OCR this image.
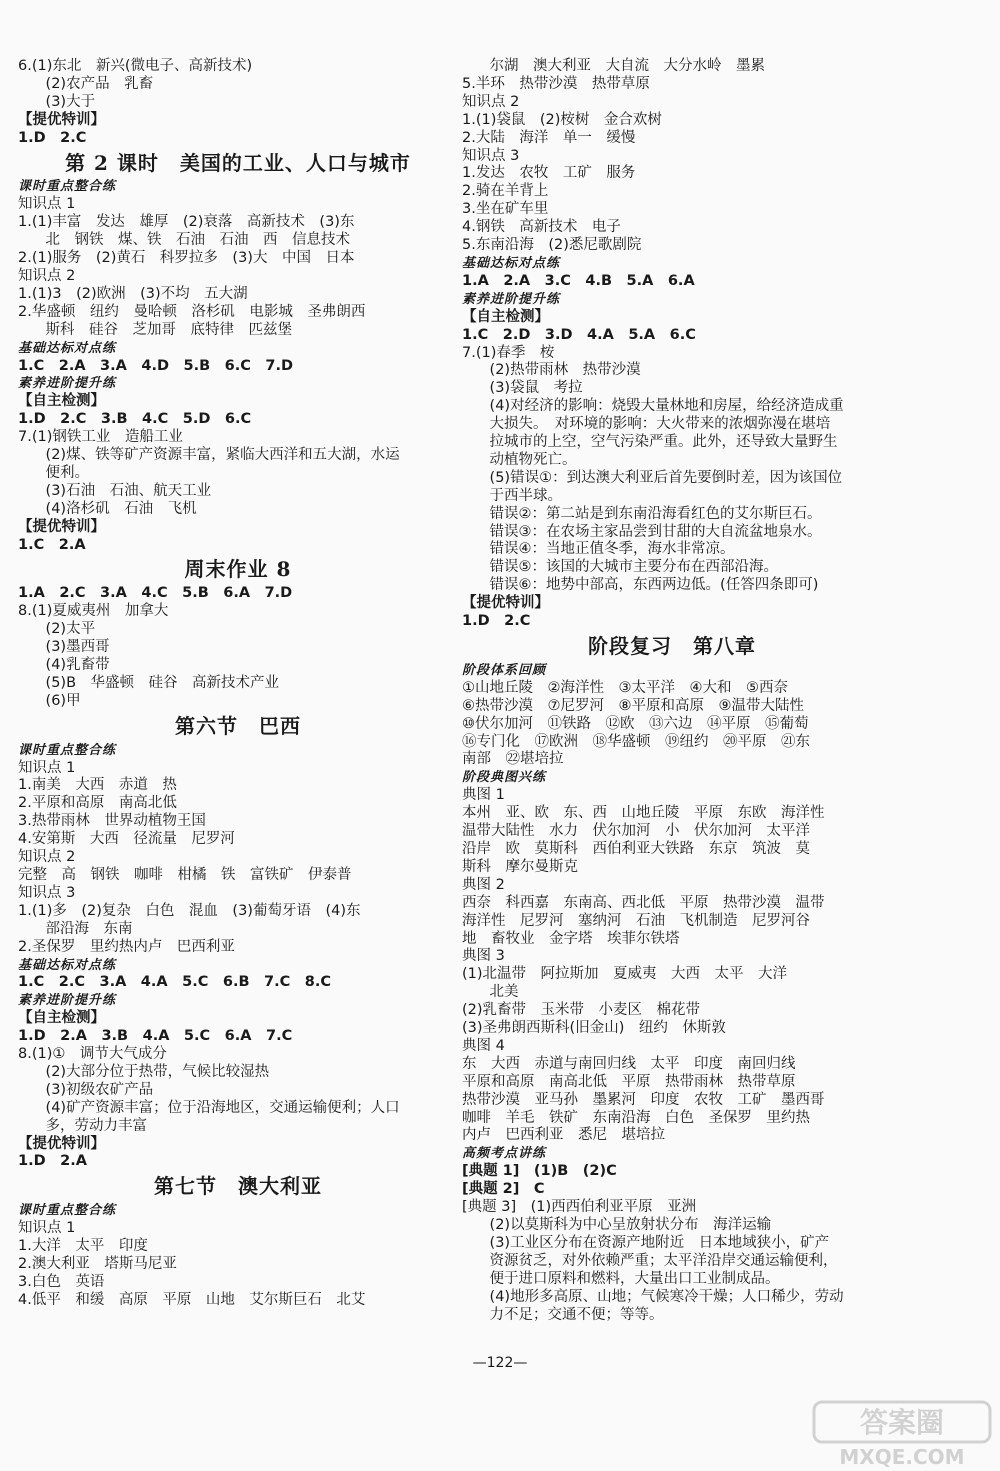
6.(1)东北　新兴(微电子、高新技术)
(2)农产品　乳畜
(3)大于
【提优特训】
1.D　2.C
第 2 课时　美国的工业、人口与城市
课时重点整合练
知识点 1
1.(1)丰富　发达　雄厚　(2)衰落　高新技术　(3)东
北　钢铁　煤、铁　石油　石油　西　信息技术
2.(1)服务　(2)黄石　科罗拉多　(3)大　中国　日本
知识点 2
1.(1)3　(2)欧洲　(3)不均　五大湖
2.华盛顿　纽约　曼哈顿　洛杉矶　电影城　圣弗朗西
斯科　硅谷　芝加哥　底特律　匹兹堡
基础达标对点练
1.C　2.A　3.A　4.D　5.B　6.C　7.D
素养进阶提升练
【自主检测】
1.D　2.C　3.B　4.C　5.D　6.C
7.(1)钢铁工业　造船工业
(2)煤、铁等矿产资源丰富，紧临大西洋和五大湖，水运
便利。
(3)石油　石油、航天工业
(4)洛杉矶　石油　飞机
【提优特训】
1.C　2.A
周末作业 8
1.A　2.C　3.A　4.C　5.B　6.A　7.D
8.(1)夏威夷州　加拿大
(2)太平
(3)墨西哥
(4)乳畜带
(5)B　华盛顿　硅谷　高新技术产业
(6)甲
第六节　巴西
课时重点整合练
知识点 1
1.南美　大西　赤道　热
2.平原和高原　南高北低
3.热带雨林　世界动植物王国
4.安第斯　大西　径流量　尼罗河
知识点 2
完整　高　钢铁　咖啡　柑橘　铁　富铁矿　伊泰普
知识点 3
1.(1)多　(2)复杂　白色　混血　(3)葡萄牙语　(4)东
部沿海　东南
2.圣保罗　里约热内卢　巴西利亚
基础达标对点练
1.C　2.C　3.A　4.A　5.C　6.B　7.C　8.C
素养进阶提升练
【自主检测】
1.D　2.A　3.B　4.A　5.C　6.A　7.C
8.(1)①　调节大气成分
(2)大部分位于热带，气候比较湿热
(3)初级农矿产品
(4)矿产资源丰富；位于沿海地区，交通运输便利；人口
多，劳动力丰富
【提优特训】
1.D　2.A
第七节　澳大利亚
课时重点整合练
知识点 1
1.大洋　太平　印度
2.澳大利亚　塔斯马尼亚
3.白色　英语
4.低平　和缓　高原　平原　山地　艾尔斯巨石　北艾
尔湖　澳大利亚　大自流　大分水岭　墨累
5.半环　热带沙漠　热带草原
知识点 2
1.(1)袋鼠　(2)桉树　金合欢树
2.大陆　海洋　单一　缓慢
知识点 3
1.发达　农牧　工矿　服务
2.骑在羊背上
3.坐在矿车里
4.钢铁　高新技术　电子
5.东南沿海　(2)悉尼歌剧院
基础达标对点练
1.A　2.A　3.C　4.B　5.A　6.A
素养进阶提升练
【自主检测】
1.C　2.D　3.D　4.A　5.A　6.C
7.(1)春季　桉
(2)热带雨林　热带沙漠
(3)袋鼠　考拉
(4)对经济的影响：烧毁大量林地和房屋，给经济造成重
大损失。　对环境的影响：大火带来的浓烟弥漫在堪培
拉城市的上空，空气污染严重。此外，还导致大量野生
动植物死亡。
(5)错误①：到达澳大利亚后首先要倒时差，因为该国位
于西半球。
错误②：第二站是到东南沿海看红色的艾尔斯巨石。
错误③：在农场主家品尝到甘甜的大自流盆地泉水。
错误④：当地正值冬季，海水非常凉。
错误⑤：该国的大城市主要分布在西部沿海。
错误⑥：地势中部高，东西两边低。(任答四条即可)
【提优特训】
1.D　2.C
阶段复习　第八章
阶段体系回顾
①山地丘陵　②海洋性　③太平洋　④大和　⑤西奈
⑥热带沙漠　⑦尼罗河　⑧平原和高原　⑨温带大陆性
⑩伏尔加河　⑪铁路　⑫欧　⑬六边　⑭平原　⑮葡萄
⑯专门化　⑰欧洲　⑱华盛顿　⑲纽约　⑳平原　㉑东
南部　㉒堪培拉
阶段典图兴练
典图 1
本州　亚、欧　东、西　山地丘陵　平原　东欧　海洋性
温带大陆性　水力　伏尔加河　小　伏尔加河　太平洋
沿岸　欧　莫斯科　西伯利亚大铁路　东京　筑波　莫
斯科　摩尔曼斯克
典图 2
西奈　科西嘉　东南高、西北低　平原　热带沙漠　温带
海洋性　尼罗河　塞纳河　石油　飞机制造　尼罗河谷
地　畜牧业　金字塔　埃菲尔铁塔
典图 3
(1)北温带　阿拉斯加　夏威夷　大西　太平　大洋
北美
(2)乳畜带　玉米带　小麦区　棉花带
(3)圣弗朗西斯科(旧金山)　纽约　休斯敦
典图 4
东　大西　赤道与南回归线　太平　印度　南回归线
平原和高原　南高北低　平原　热带雨林　热带草原
热带沙漠　亚马孙　墨累河　印度　农牧　工矿　墨西哥
咖啡　羊毛　铁矿　东南沿海　白色　圣保罗　里约热
内卢　巴西利亚　悉尼　堪培拉
高频考点讲练
[典题 1]　(1)B　(2)C
[典题 2]　C
[典题 3]　(1)西西伯利亚平原　亚洲
(2)以莫斯科为中心呈放射状分布　海洋运输
(3)工业区分布在资源产地附近　日本地域狭小，矿产
资源贫乏，对外依赖严重；太平洋沿岸交通运输便利，
便于进口原料和燃料，大量出口工业制成品。
(4)地形多高原、山地；气候寒冷干燥；人口稀少，劳动
力不足；交通不便；等等。
—122—
答案圈
MXQE.COM
